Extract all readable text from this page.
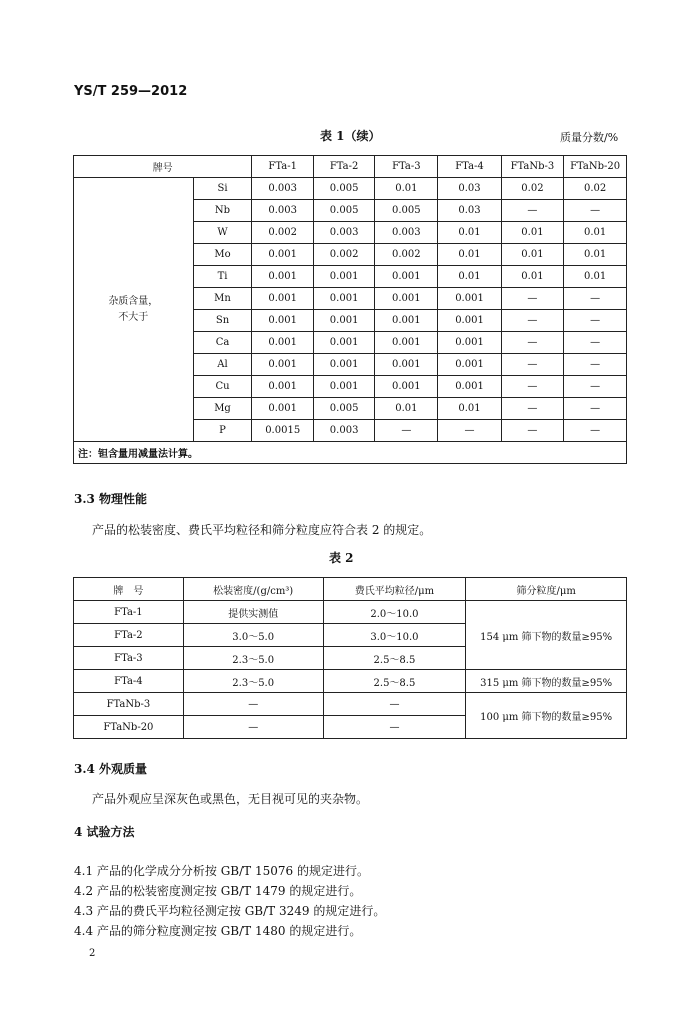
YS/T 259—2012
表 1（续）	质量分数/%
牌号		FTa-1	FTa-2	FTa-3	FTa-4	FTaNb-3	FTaNb-20
杂质含量，
不大于	Si	0.003	0.005	0.01	0.03	0.02	0.02
	Nb	0.003	0.005	0.005	0.03	—	—
	W	0.002	0.003	0.003	0.01	0.01	0.01
	Mo	0.001	0.002	0.002	0.01	0.01	0.01
	Ti	0.001	0.001	0.001	0.01	0.01	0.01
	Mn	0.001	0.001	0.001	0.001	—	—
	Sn	0.001	0.001	0.001	0.001	—	—
	Ca	0.001	0.001	0.001	0.001	—	—
	Al	0.001	0.001	0.001	0.001	—	—
	Cu	0.001	0.001	0.001	0.001	—	—
	Mg	0.001	0.005	0.01	0.01	—	—
	P	0.0015	0.003	—	—	—	—
注：钽含量用减量法计算。							
3.3 物理性能
产品的松装密度、费氏平均粒径和筛分粒度应符合表 2 的规定。
表 2
牌　号	松装密度/(g/cm³)	费氏平均粒径/μm	筛分粒度/μm
FTa-1	提供实测值	2.0～10.0	154 μm 筛下物的数量≥95%
FTa-2	3.0～5.0	3.0～10.0	
FTa-3	2.3～5.0	2.5～8.5	
FTa-4	2.3～5.0	2.5～8.5	315 μm 筛下物的数量≥95%
FTaNb-3	—	—	100 μm 筛下物的数量≥95%
FTaNb-20	—	—	
3.4 外观质量
产品外观应呈深灰色或黑色，无目视可见的夹杂物。
4 试验方法
4.1 产品的化学成分分析按 GB/T 15076 的规定进行。
4.2 产品的松装密度测定按 GB/T 1479 的规定进行。
4.3 产品的费氏平均粒径测定按 GB/T 3249 的规定进行。
4.4 产品的筛分粒度测定按 GB/T 1480 的规定进行。
2
